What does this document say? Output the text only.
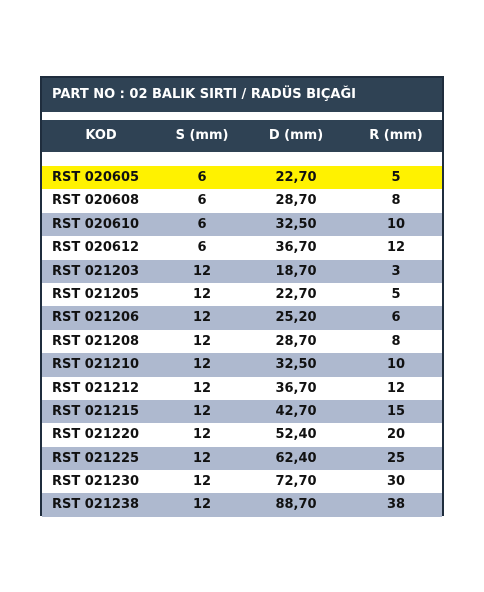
PART NO : 02 BALIK SIRTI / RADÜS BIÇAĞI
KOD	S (mm)	D (mm)	R (mm)
RST 020605	6	22,70	5
RST 020608	6	28,70	8
RST 020610	6	32,50	10
RST 020612	6	36,70	12
RST 021203	12	18,70	3
RST 021205	12	22,70	5
RST 021206	12	25,20	6
RST 021208	12	28,70	8
RST 021210	12	32,50	10
RST 021212	12	36,70	12
RST 021215	12	42,70	15
RST 021220	12	52,40	20
RST 021225	12	62,40	25
RST 021230	12	72,70	30
RST 021238	12	88,70	38
